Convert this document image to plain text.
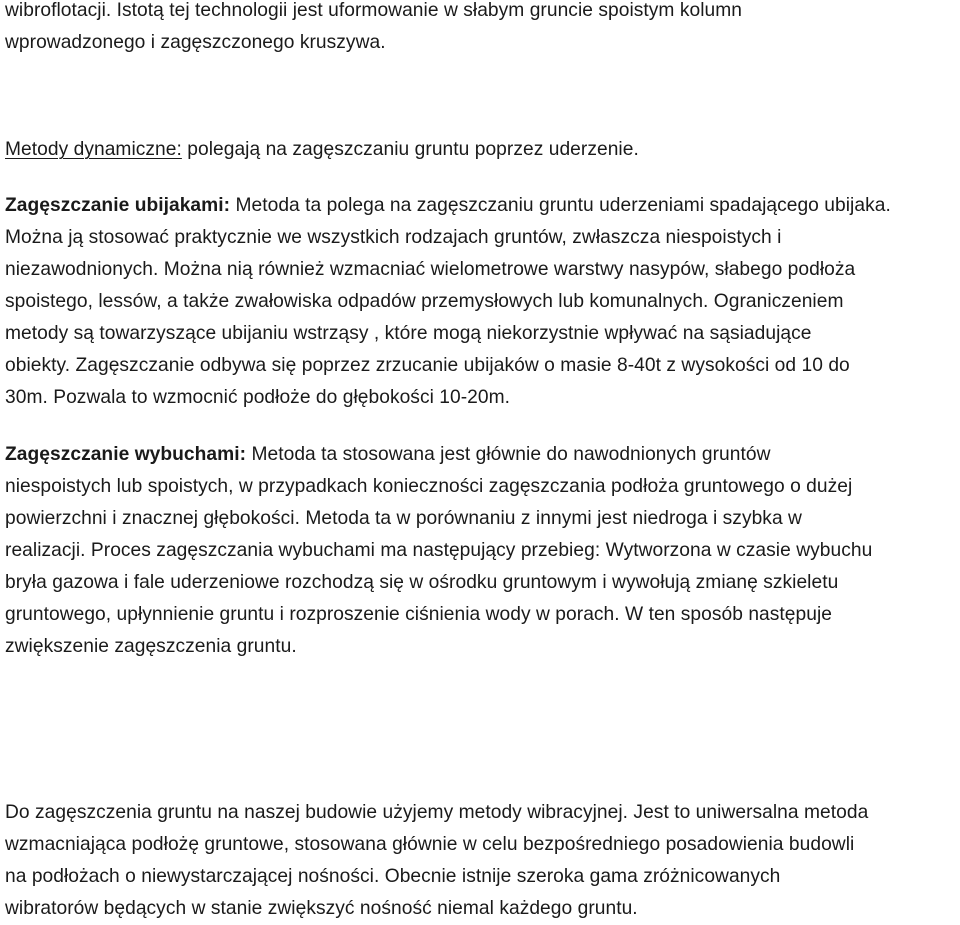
wibroflotacji. Istotą tej technologii jest uformowanie w słabym gruncie spoistym kolumn
wprowadzonego i zagęszczonego kruszywa.
Metody dynamiczne: polegają na zagęszczaniu gruntu poprzez uderzenie.
Zagęszczanie ubijakami: Metoda ta polega na zagęszczaniu gruntu uderzeniami spadającego ubijaka.
Można ją stosować praktycznie we wszystkich rodzajach gruntów, zwłaszcza niespoistych i
niezawodnionych. Można nią również wzmacniać wielometrowe warstwy nasypów, słabego podłoża
spoistego, lessów, a także zwałowiska odpadów przemysłowych lub komunalnych. Ograniczeniem
metody są towarzyszące ubijaniu wstrząsy , które mogą niekorzystnie wpływać na sąsiadujące
obiekty. Zagęszczanie odbywa się poprzez zrzucanie ubijaków o masie 8-40t z wysokości od 10 do
30m. Pozwala to wzmocnić podłoże do głębokości 10-20m.
Zagęszczanie wybuchami: Metoda ta stosowana jest głównie do nawodnionych gruntów
niespoistych lub spoistych, w przypadkach konieczności zagęszczania podłoża gruntowego o dużej
powierzchni i znacznej głębokości. Metoda ta w porównaniu z innymi jest niedroga i szybka w
realizacji. Proces zagęszczania wybuchami ma następujący przebieg: Wytworzona w czasie wybuchu
bryła gazowa i fale uderzeniowe rozchodzą się w ośrodku gruntowym i wywołują zmianę szkieletu
gruntowego, upłynnienie gruntu i rozproszenie ciśnienia wody w porach. W ten sposób następuje
zwiększenie zagęszczenia gruntu.
Do zagęszczenia gruntu na naszej budowie użyjemy metody wibracyjnej. Jest to uniwersalna metoda
wzmacniająca podłożę gruntowe, stosowana głównie w celu bezpośredniego posadowienia budowli
na podłożach o niewystarczającej nośności. Obecnie istnije szeroka gama zróżnicowanych
wibratorów będących w stanie zwiększyć nośność niemal każdego gruntu.
